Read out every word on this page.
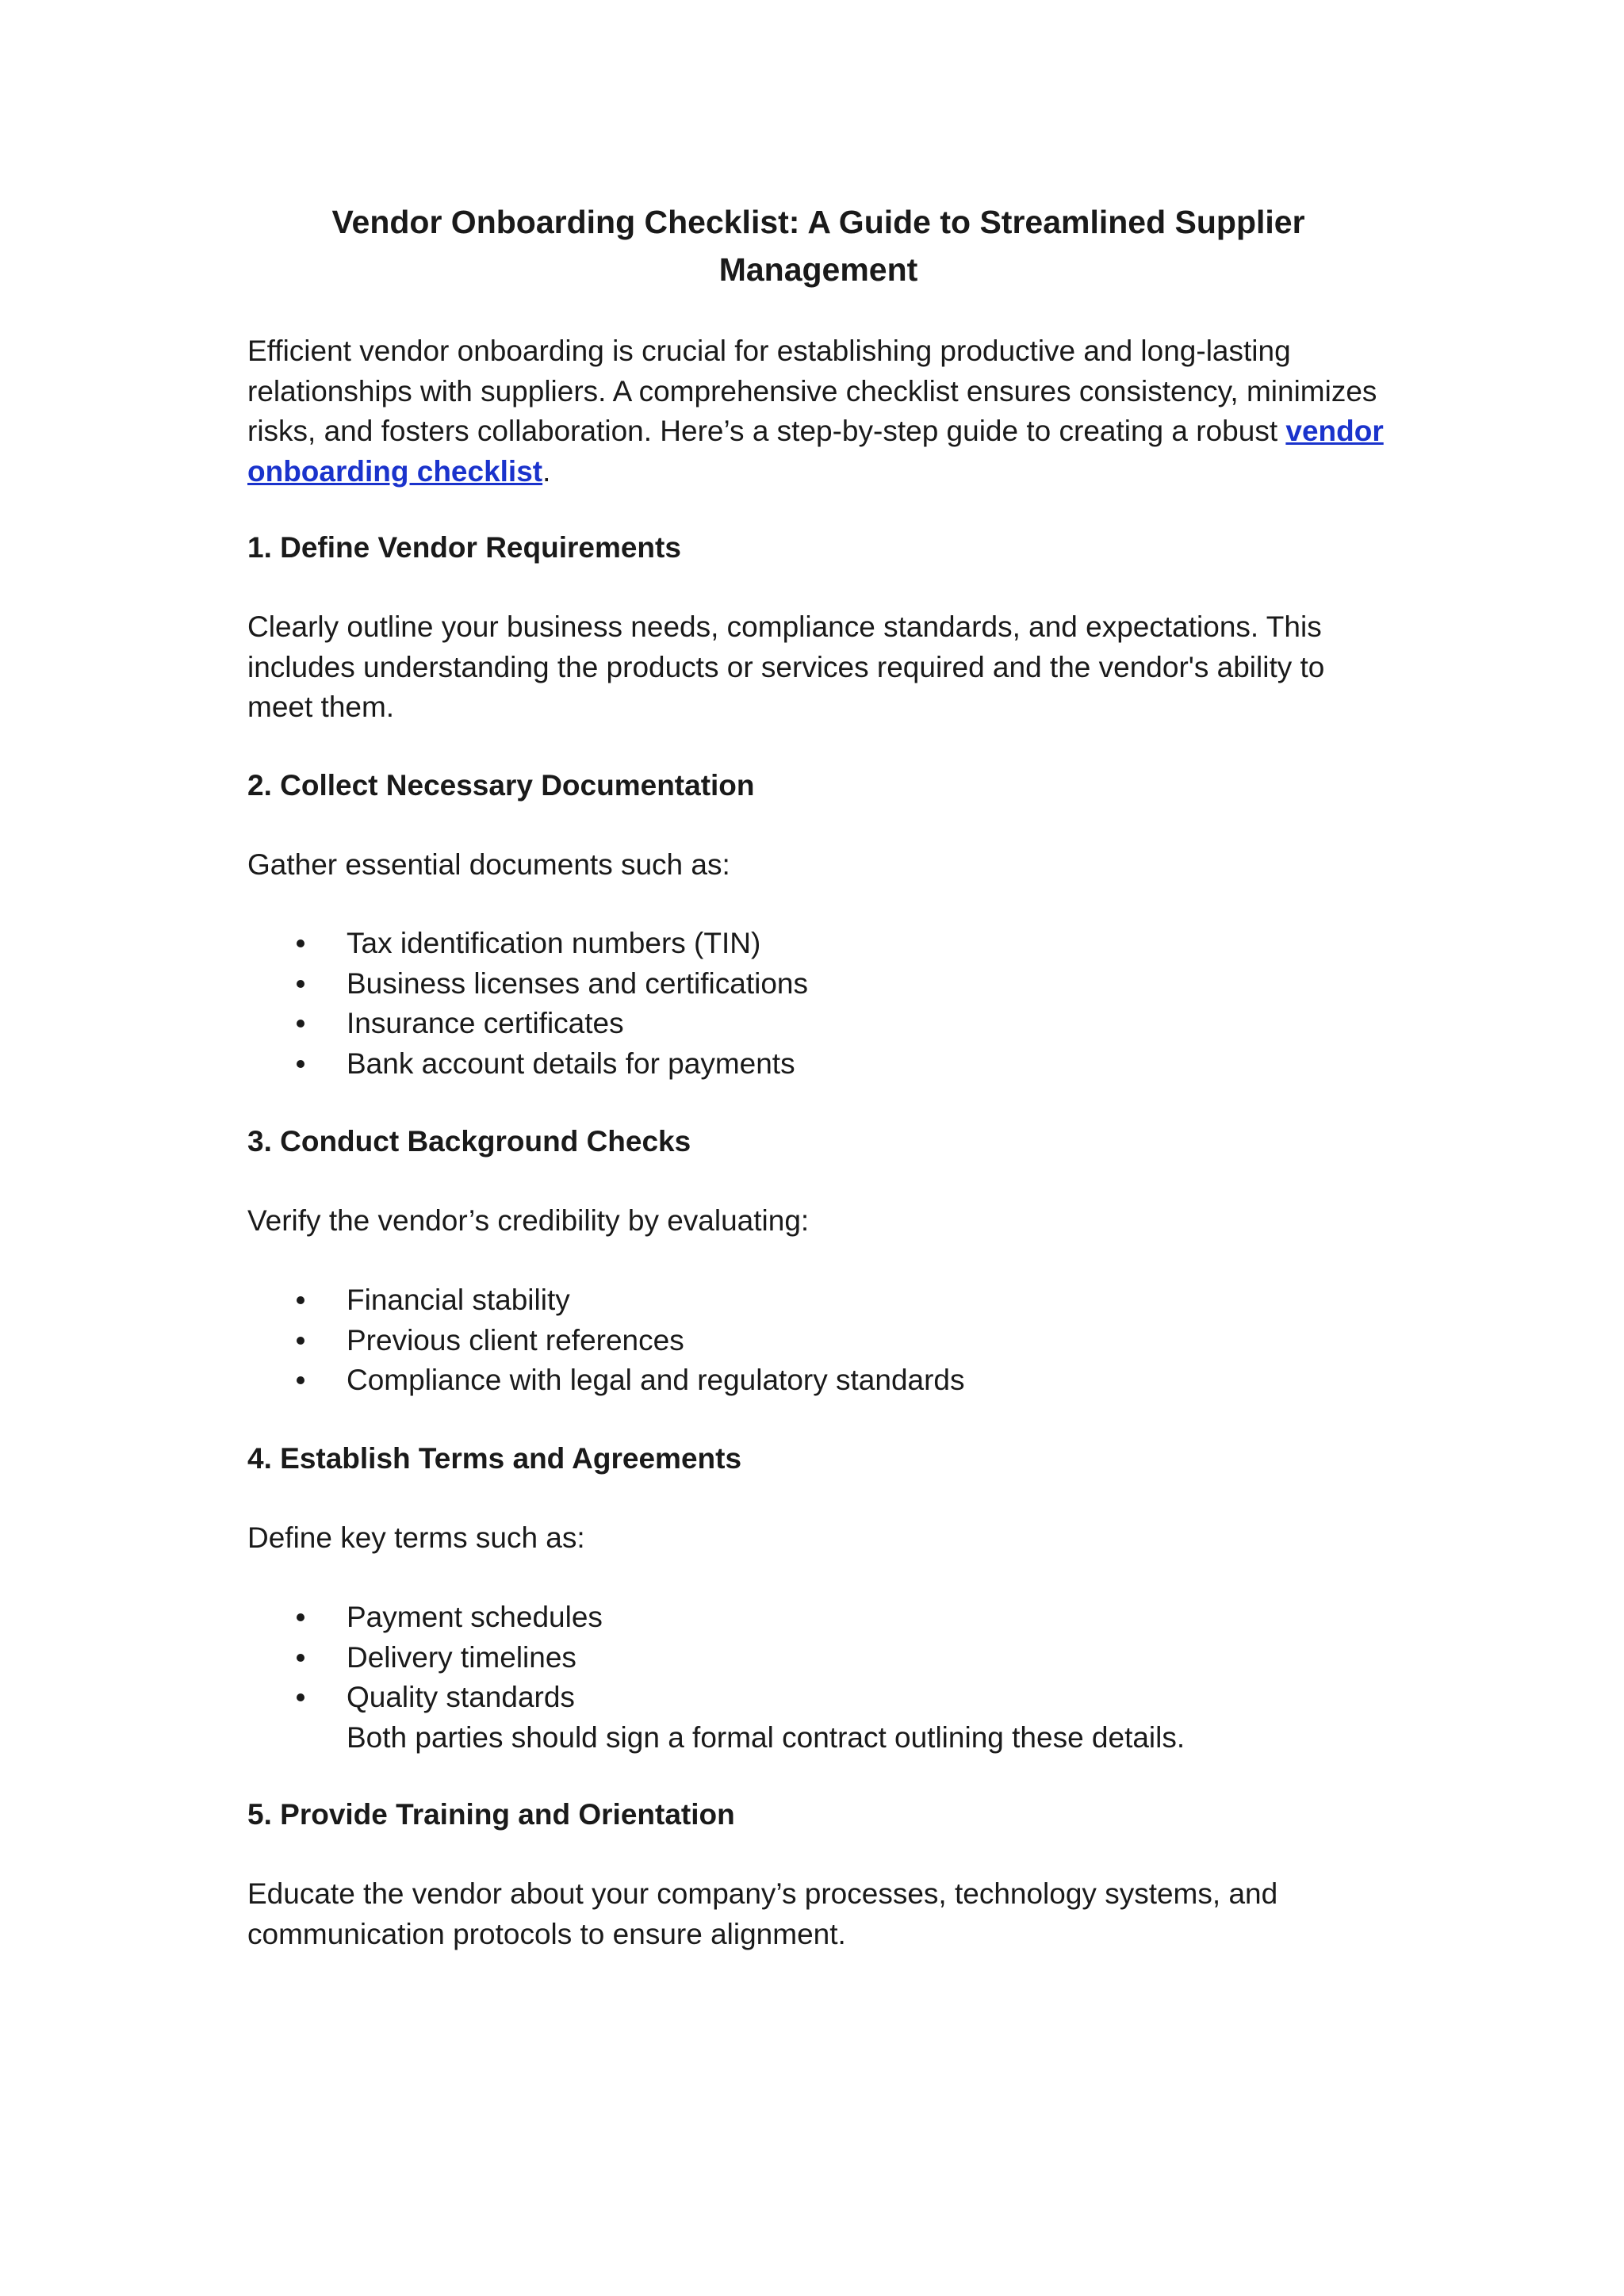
Vendor Onboarding Checklist: A Guide to Streamlined Supplier
Management

Efficient vendor onboarding is crucial for establishing productive and long-lasting relationships with suppliers. A comprehensive checklist ensures consistency, minimizes risks, and fosters collaboration. Here’s a step-by-step guide to creating a robust vendor onboarding checklist.

1. Define Vendor Requirements

Clearly outline your business needs, compliance standards, and expectations. This includes understanding the products or services required and the vendor's ability to meet them.

2. Collect Necessary Documentation

Gather essential documents such as:

Tax identification numbers (TIN)
Business licenses and certifications
Insurance certificates
Bank account details for payments
3. Conduct Background Checks

Verify the vendor’s credibility by evaluating:

Financial stability
Previous client references
Compliance with legal and regulatory standards
4. Establish Terms and Agreements

Define key terms such as:

Payment schedules
Delivery timelines
Quality standards
Both parties should sign a formal contract outlining these details.
5. Provide Training and Orientation

Educate the vendor about your company’s processes, technology systems, and communication protocols to ensure alignment.
